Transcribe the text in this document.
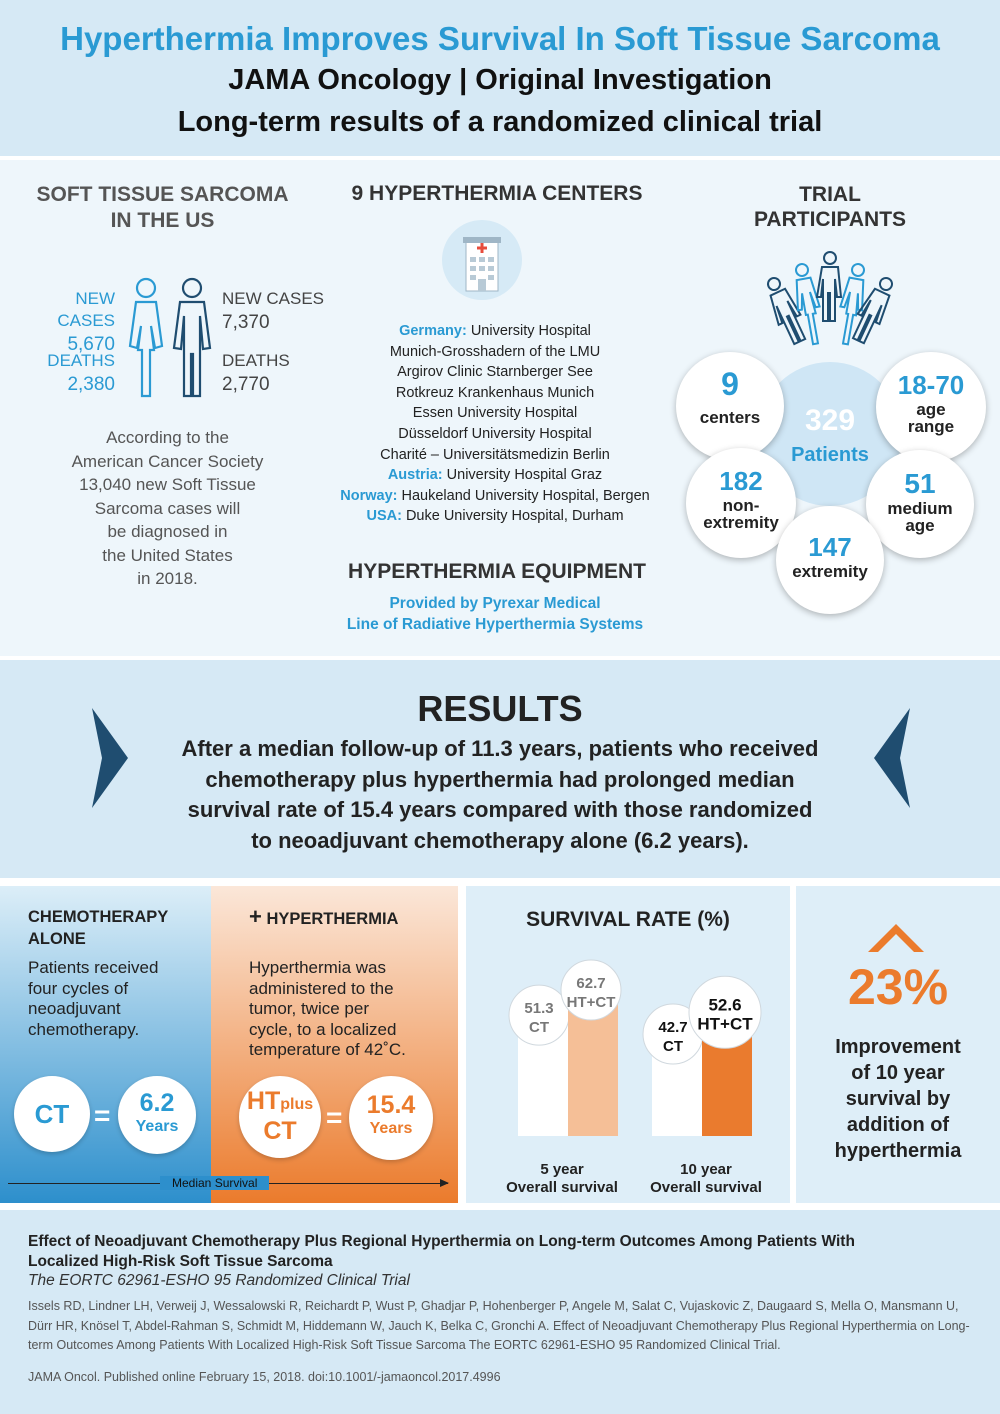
Hyperthermia Improves Survival In Soft Tissue Sarcoma
JAMA Oncology | Original Investigation
Long-term results of a randomized clinical trial
SOFT TISSUE SARCOMA
IN THE US
NEW CASES
5,670
DEATHS
2,380
NEW CASES
7,370
DEATHS
2,770
According to the
American Cancer Society
13,040 new Soft Tissue
Sarcoma cases will
be diagnosed in
the United States
in 2018.
9 HYPERTHERMIA CENTERS
Germany: University Hospital
Munich-Grosshadern of the LMU
Argirov Clinic Starnberger See
Rotkreuz Krankenhaus Munich
Essen University Hospital
Düsseldorf University Hospital
Charité – Universitätsmedizin Berlin
Austria: University Hospital Graz
Norway: Haukeland University Hospital, Bergen
USA: Duke University Hospital, Durham
HYPERTHERMIA EQUIPMENT
Provided by Pyrexar Medical
Line of Radiative Hyperthermia Systems
TRIAL
PARTICIPANTS
329
Patients
9
centers
18-70
age
range
182
non-
extremity
51
medium
age
147
extremity
RESULTS
After a median follow-up of 11.3 years, patients who received
chemotherapy plus hyperthermia had prolonged median
survival rate of 15.4 years compared with those randomized
to neoadjuvant chemotherapy alone (6.2 years).
CHEMOTHERAPY
ALONE
Patients received
four cycles of
neoadjuvant
chemotherapy.
CT =	6.2
Years
+ HYPERTHERMIA
Hyperthermia was
administered to the
tumor, twice per
cycle, to a localized
temperature of 42˚C.
HTplus
CT	= 15.4
Years
Median Survival
SURVIVAL RATE (%)
51.3
CT
62.7
HT+CT
42.7
CT
52.6
HT+CT
5 year
Overall survival
10 year
Overall survival
23%
Improvement
of 10 year
survival by
addition of
hyperthermia
Effect of Neoadjuvant Chemotherapy Plus Regional Hyperthermia on Long-term Outcomes Among Patients With Localized High-Risk Soft Tissue Sarcoma
The EORTC 62961-ESHO 95 Randomized Clinical Trial
Issels RD, Lindner LH, Verweij J, Wessalowski R, Reichardt P, Wust P, Ghadjar P, Hohenberger P, Angele M, Salat C, Vujaskovic Z, Daugaard S, Mella O, Mansmann U, Dürr HR, Knösel T, Abdel-Rahman S, Schmidt M, Hiddemann W, Jauch K, Belka C, Gronchi A. Effect of Neoadjuvant Chemotherapy Plus Regional Hyperthermia on Long-term Outcomes Among Patients With Localized High-Risk Soft Tissue Sarcoma The EORTC 62961-ESHO 95 Randomized Clinical Trial.
JAMA Oncol. Published online February 15, 2018. doi:10.1001/-jamaoncol.2017.4996
